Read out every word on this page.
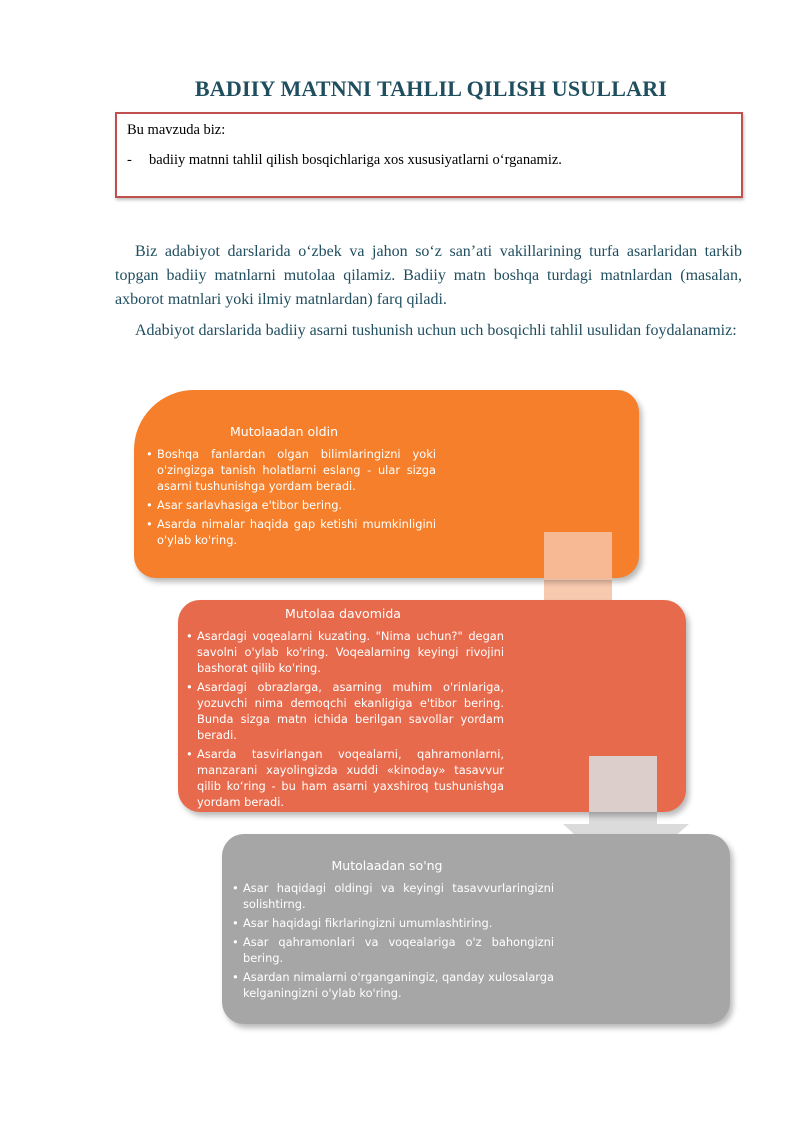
BADIIY MATNNI TAHLIL QILISH USULLARI
Bu mavzuda biz:
- badiiy matnni tahlil qilish bosqichlariga xos xususiyatlarni o‘rganamiz.

Biz adabiyot darslarida o‘zbek va jahon so‘z san’ati vakillarining turfa asarlaridan tarkib topgan badiiy matnlarni mutolaa qilamiz. Badiiy matn boshqa turdagi matnlardan (masalan, axborot matnlari yoki ilmiy matnlardan) farq qiladi.

Adabiyot darslarida badiiy asarni tushunish uchun uch bosqichli tahlil usulidan foydalanamiz:

Mutolaadan oldin
• Boshqa fanlardan olgan bilimlaringizni yoki o'zingizga tanish holatlarni eslang - ular sizga asarni tushunishga yordam beradi.
• Asar sarlavhasiga e'tibor bering.
• Asarda nimalar haqida gap ketishi mumkinligini o'ylab ko'ring.
Mutolaa davomida
• Asardagi voqealarni kuzating. "Nima uchun?" degan savolni o'ylab ko'ring. Voqealarning keyingi rivojini bashorat qilib ko'ring.
• Asardagi obrazlarga, asarning muhim o'rinlariga, yozuvchi nima demoqchi ekanligiga e'tibor bering. Bunda sizga matn ichida berilgan savollar yordam beradi.
• Asarda tasvirlangan voqealarni, qahramonlarni, manzarani xayolingizda xuddi «kinoday» tasavvur qilib ko‘ring - bu ham asarni yaxshiroq tushunishga yordam beradi.
Mutolaadan so'ng
• Asar haqidagi oldingi va keyingi tasavvurlaringizni solishtirng.
• Asar haqidagi fikrlaringizni umumlashtiring.
• Asar qahramonlari va voqealariga o'z bahongizni bering.
• Asardan nimalarni o'rganganingiz, qanday xulosalarga kelganingizni o'ylab ko'ring.
